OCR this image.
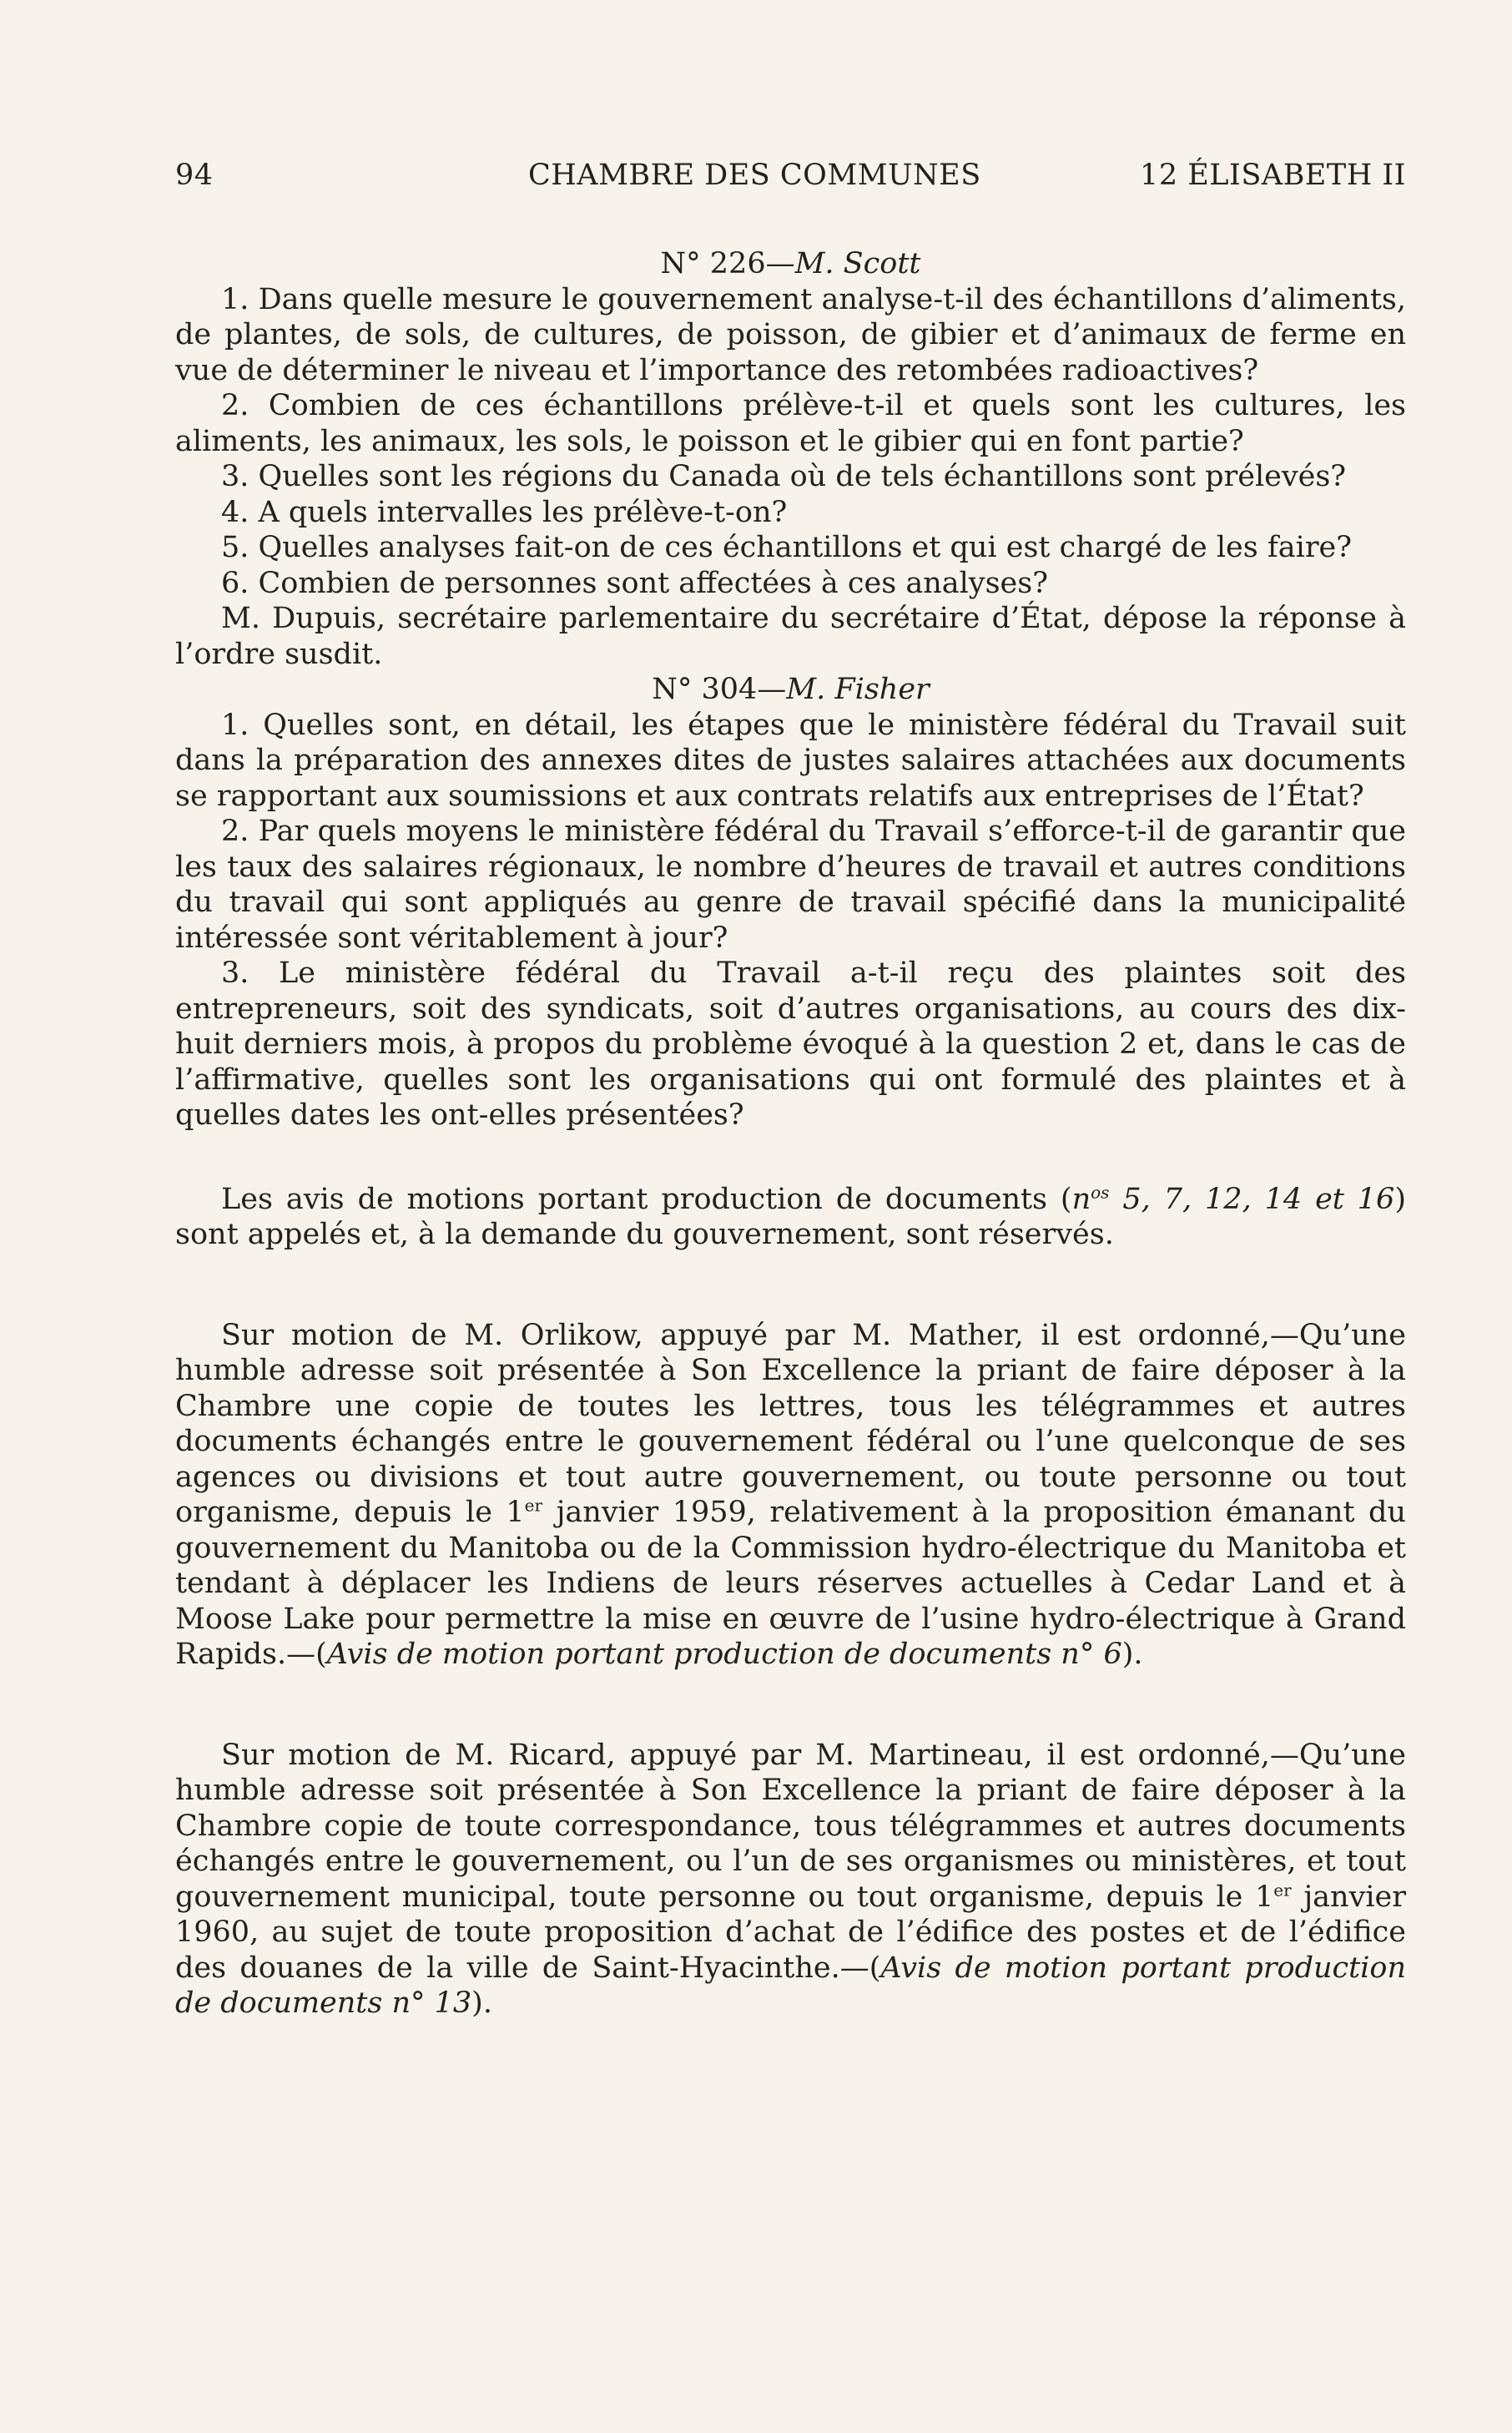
94	CHAMBRE DES COMMUNES	12 ÉLISABETH II

N° 226—M. Scott

1. Dans quelle mesure le gouvernement analyse-t-il des échantillons d’aliments, de plantes, de sols, de cultures, de poisson, de gibier et d’animaux de ferme en vue de déterminer le niveau et l’importance des retombées radioactives?

2. Combien de ces échantillons prélève-t-il et quels sont les cultures, les aliments, les animaux, les sols, le poisson et le gibier qui en font partie?

3. Quelles sont les régions du Canada où de tels échantillons sont prélevés?

4. A quels intervalles les prélève-t-on?

5. Quelles analyses fait-on de ces échantillons et qui est chargé de les faire?

6. Combien de personnes sont affectées à ces analyses?

M. Dupuis, secrétaire parlementaire du secrétaire d’État, dépose la réponse à l’ordre susdit.

N° 304—M. Fisher

1. Quelles sont, en détail, les étapes que le ministère fédéral du Travail suit dans la préparation des annexes dites de justes salaires attachées aux documents se rapportant aux soumissions et aux contrats relatifs aux entreprises de l’État?

2. Par quels moyens le ministère fédéral du Travail s’efforce-t-il de garantir que les taux des salaires régionaux, le nombre d’heures de travail et autres conditions du travail qui sont appliqués au genre de travail spécifié dans la municipalité intéressée sont véritablement à jour?

3. Le ministère fédéral du Travail a-t-il reçu des plaintes soit des entrepreneurs, soit des syndicats, soit d’autres organisations, au cours des dix-huit derniers mois, à propos du problème évoqué à la question 2 et, dans le cas de l’affirmative, quelles sont les organisations qui ont formulé des plaintes et à quelles dates les ont-elles présentées?

Les avis de motions portant production de documents ($n^{os}$ 5, 7, 12, 14 et 16) sont appelés et, à la demande du gouvernement, sont réservés.

Sur motion de M. Orlikow, appuyé par M. Mather, il est ordonné,—Qu’une humble adresse soit présentée à Son Excellence la priant de faire déposer à la Chambre une copie de toutes les lettres, tous les télégrammes et autres documents échangés entre le gouvernement fédéral ou l’une quelconque de ses agences ou divisions et tout autre gouvernement, ou toute personne ou tout organisme, depuis le 1er janvier 1959, relativement à la proposition émanant du gouvernement du Manitoba ou de la Commission hydro-électrique du Manitoba et tendant à déplacer les Indiens de leurs réserves actuelles à Cedar Land et à Moose Lake pour permettre la mise en œuvre de l’usine hydro-électrique à Grand Rapids.—(Avis de motion portant production de documents n° 6).

Sur motion de M. Ricard, appuyé par M. Martineau, il est ordonné,—Qu’une humble adresse soit présentée à Son Excellence la priant de faire déposer à la Chambre copie de toute correspondance, tous télégrammes et autres documents échangés entre le gouvernement, ou l’un de ses organismes ou ministères, et tout gouvernement municipal, toute personne ou tout organisme, depuis le 1er janvier 1960, au sujet de toute proposition d’achat de l’édifice des postes et de l’édifice des douanes de la ville de Saint-Hyacinthe.—(Avis de motion portant production de documents n° 13).
